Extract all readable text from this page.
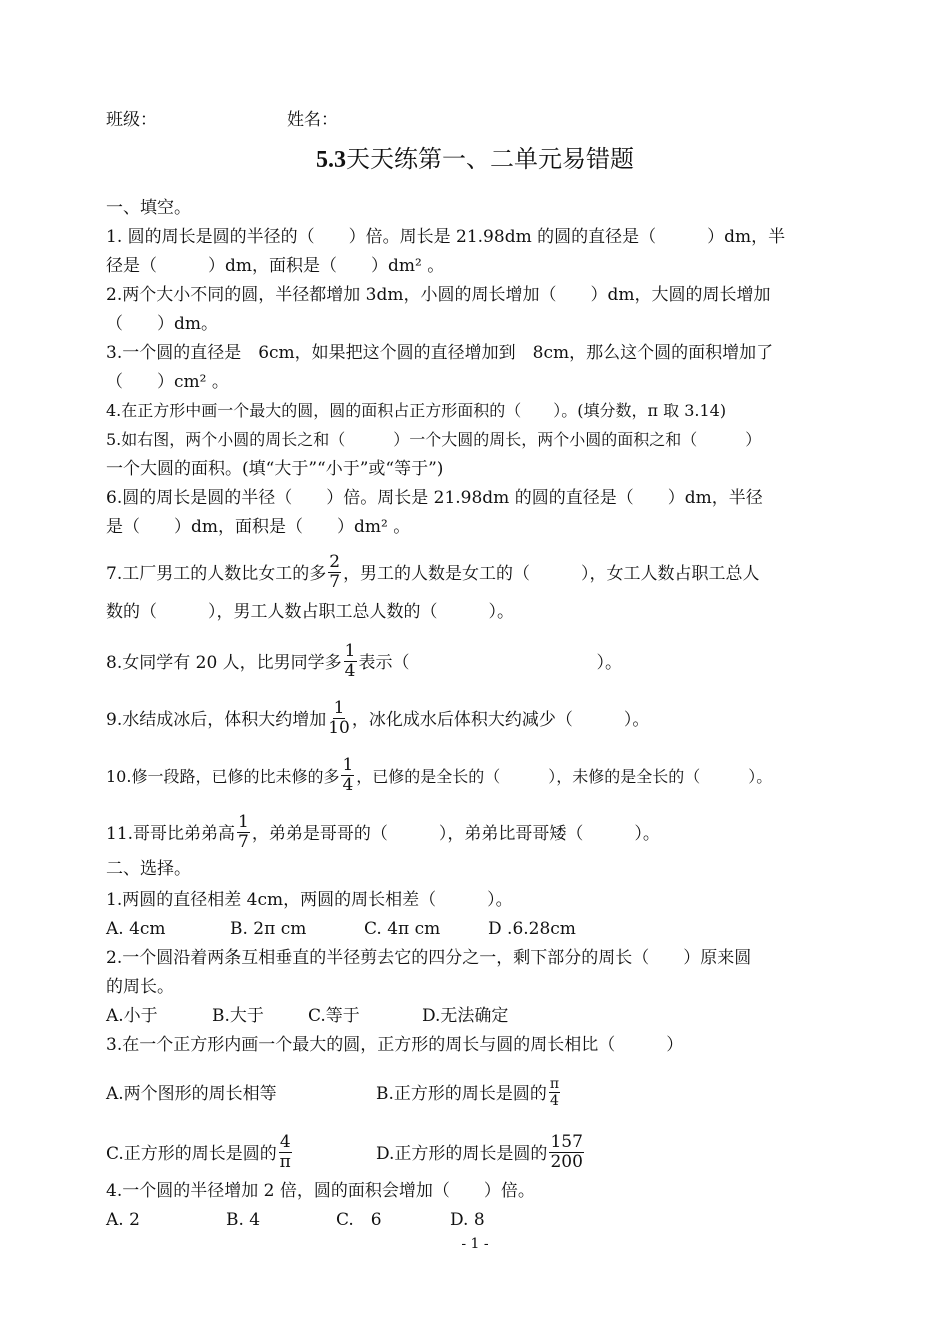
班级：	姓名：
5.3天天练第一、二单元易错题
一、填空。
1. 圆的周长是圆的半径的（　　）倍。周长是 21.98dm 的圆的直径是（　　　）dm，半
径是（　　　）dm，面积是（　　）dm² 。
2.两个大小不同的圆，半径都增加 3dm，小圆的周长增加（　　）dm，大圆的周长增加
（　　）dm。
3.一个圆的直径是　6cm，如果把这个圆的直径增加到　8cm，那么这个圆的面积增加了
（　　）cm² 。
4.在正方形中画一个最大的圆，圆的面积占正方形面积的（　　）。(填分数，π 取 3.14)
5.如右图，两个小圆的周长之和（　　　）一个大圆的周长，两个小圆的面积之和（　　　）
一个大圆的面积。(填“大于”“小于”或“等于”)
6.圆的周长是圆的半径（　　）倍。周长是 21.98dm 的圆的直径是（　　）dm，半径
是（　　）dm，面积是（　　）dm² 。
7.工厂男工的人数比女工的多 $\frac{2}{7}$ ，男工的人数是女工的（　　　），女工人数占职工总人
数的（　　　），男工人数占职工总人数的（　　　）。
8.女同学有 20 人，比男同学多 $\frac{1}{4}$ 表示（　　　　　　　　　　　）。
9.水结成冰后，体积大约增加 $\frac{1}{10}$ ，冰化成水后体积大约减少（　　　）。
10.修一段路，已修的比未修的多 $\frac{1}{4}$ ，已修的是全长的（　　　），未修的是全长的（　　　）。
11.哥哥比弟弟高 $\frac{1}{7}$ ，弟弟是哥哥的（　　　），弟弟比哥哥矮（　　　）。
二、选择。
1.两圆的直径相差 4cm，两圆的周长相差（　　　）。
A. 4cm	B. 2π cm	C. 4π cm	D .6.28cm
2.一个圆沿着两条互相垂直的半径剪去它的四分之一，剩下部分的周长（　　）原来圆
的周长。
A.小于	B.大于	C.等于	D.无法确定
3.在一个正方形内画一个最大的圆，正方形的周长与圆的周长相比（　　　）
A.两个图形的周长相等	B.正方形的周长是圆的 $\frac{\pi}{4}$
C.正方形的周长是圆的 $\frac{4}{\pi}$	D.正方形的周长是圆的 $\frac{157}{200}$
4.一个圆的半径增加 2 倍，圆的面积会增加（　　）倍。
A. 2	B. 4	C.　6	D. 8
- 1 -
